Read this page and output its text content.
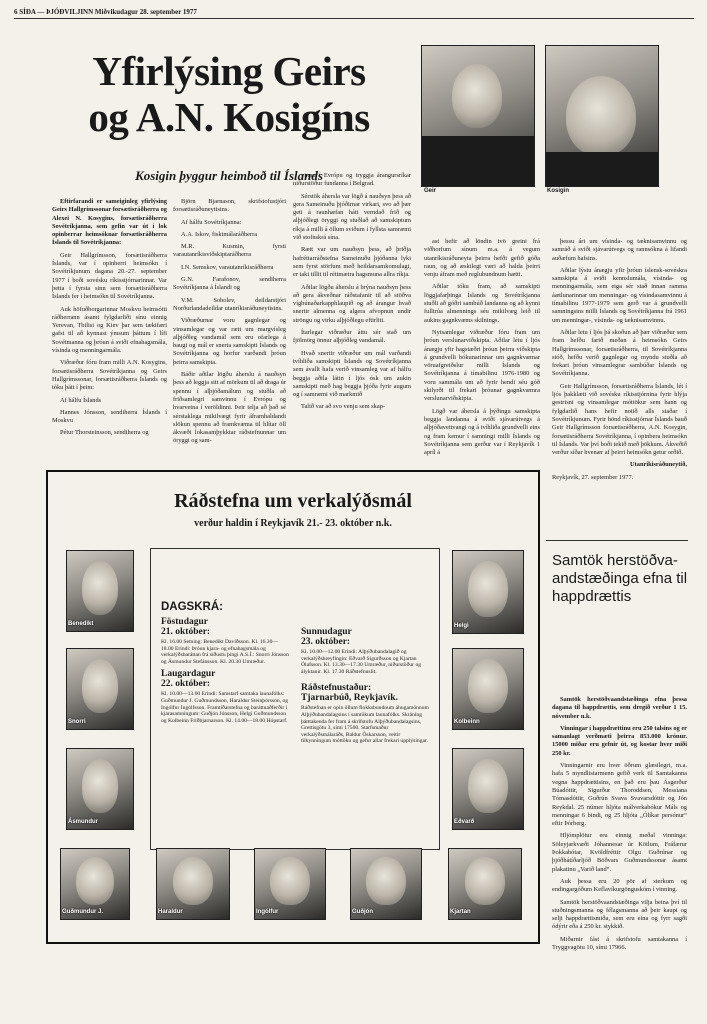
6 SÍÐA — ÞJÓÐVILJINN Miðvikudagur 28. september 1977
Yfirlýsing Geirs
og A.N. Kosigíns
Kosigin þyggur heimboð til Íslands
Geir	Kosigin

Eftirfarandi er sameiginleg yfirlýsing Geirs Hallgrímssonar forsætisráðherra og Alexei N. Kosygins, forsætisráðherra Sovétríkjanna, sem gefin var út í lok opinberrar heimsóknar forsætisráðherra Íslands til Sovétríkjanna:

Geir Hallgrímsson, forsætisráðherra Íslands, var í opinberri heimsókn í Sovétríkjunum dagana 20.-27. september 1977 í boði sovésku ríkisstjórnarinnar. Var þetta í fyrsta sinn sem forsætisráðherra Íslands fer í heimsókn til Sovétríkjanna.

Auk höfuðborgarinnar Moskvu heimsótti ráðherrann ásamt fylgdarliði sínu einnig Yerevan, Tbilisi og Kiev þar sem tækifæri gafst til að kynnast ýmsum þáttum í lífi Sovétmanna og þróun á sviði efnahagsmála, vísinda og menningarmála.

Viðræður fóru fram milli A.N. Kosygins, forsætisráðherra Sovétríkjanna og Geirs Hallgrímssonar, forsætisráðherra Íslands og tóku þátt í þeim:

Af hálfu Íslands

Hannes Jónsson, sendiherra Íslands í Moskvu

Pétur Thorsteinsson, sendiherra og

Björn Bjarnason, skrifstofustjóri forsætisráðuneytisins.

Af hálfu Sovétríkjanna:

A.A. Iskov, fiskimálaráðherra

M.R. Kusmin, fyrsti varautanríkisviðskiptaráðherra

I.N. Semskov, varautanríkisráðherra

G.N. Farafonov, sendiherra Sovétríkjanna á Íslandi og

V.M. Sobolev, deildarstjóri Norðurlandadeildar utanríkisráðuneytisins.

Viðræðurnar voru gagnlegar og vinsamlegar og var rætt um margvísleg alþjóðleg vandamál sem eru ofarlega á baugi og mál er snerta samskipti Íslands og Sovétríkjanna og horfur varðandi þróun þeirra samskipta.

Báðir aðilar lögðu áherslu á nauðsyn þess að leggja sitt af mörkum til að draga úr spennu í alþjóðamálum og stuðla að friðsamlegri samvinnu í Evrópu og hvarvetna í veröldinni. Þeir telja að það sé sérstaklega mikilvægt fyrir áframhaldandi slökun spennu að framkvæma til hlítar öll ákvæði lokasamþykktar ráðstefnunnar um öryggi og sam-

vinnu í Evrópu og tryggja árangursríkar niðurstöður fundanna í Belgrad.

Sérstök áhersla var lögð á nauðsyn þess að gera Sameinuðu þjóðirnar virkari, svo að þær geti á raunhæfan hátt verndað frið og alþjóðlegt öryggi og stuðlað að samskiptum ríkja á milli á öllum sviðum í fyllsta samræmi við stofnskrá sína.

Rætt var um nauðsyn þess, að þriðja hafréttarráðstefna Sameinuðu þjóðanna lyki sem fyrst störfum með heildarsamkomulagi, er taki tillit til réttmætra hagsmuna allra ríkja.

Aðilar lögðu áherslu á brýna nauðsyn þess að gera ákveðnar ráðstafanir til að stöðva vígbúnaðarkapphlaupið og að árangur hvað snertir almenna og algera afvopnun undir ströngu og virku alþjóðlegu eftirliti.

Ítarlegar viðræður áttu sér stað um fjölmörg önnur alþjóðleg vandamál.

Hvað snertir viðræður um mál varðandi tvíhliða samskipti Íslands og Sovétríkjanna sem ávallt hafa verið vinsamleg var af hálfu beggja aðila látin í ljós ósk um aukin samskipti með hag beggja þjóða fyrir augum og í samræmi við markmið

Talið var að svo venju sem skap-

ast hefir að löndin tvö greini frá viðhorfum sínum m.a. á vegum utanríkisráðuneyta þeirra hefði gefið góða raun, og að æskilegt væri að halda þeirri venju áfram með reglubundnum hætti.

Aðilar tóku fram, að samskipti löggjafarþinga Íslands og Sovétríkjanna stuðli að góðri sambúð landanna og að kynni fulltrúa almennings séu mikilvæg leið til aukins gagnkvæms skilnings.

Nytsamlegar viðræður fóru fram um þróun verslunarviðskipta. Aðilar létu í ljós ánægju yfir hagstæðri þróun þeirra viðskipta á grundvelli bókunarinnar um gagnkvæmar vöruafgreiðslur milli Íslands og Sovétríkjanna á tímabilinu 1976-1980 og voru sammála um að fyrir hendi séu góð skilyrði til frekari þróunar gagnkvæmra verslunarviðskipta.

Lögð var áhersla á þýðingu samskipta beggja landanna á sviði sjávarútvegs á alþjóðavettvangi og á tvíhliða grundvelli eins og fram kemur í samningi milli Íslands og Sovétríkjanna sem gerður var í Reykjavík 1 apríl á

þessu ári um vísinda- og tæknisamvinnu og samráð á sviði sjávarútvegs og rannsókna á lifandi auðæfum hafsins.

Aðilar lýstu ánægju yfir þróun íslensk-sovéskra samskipta á sviði kennslumála, vísinda- og menningarmála, sem eiga sér stað innan ramma áætlunarinnar um menningar- og vísindasamvinnu á tímabilinu 1977-1979 sem gerð var á grundvelli samningsins milli Íslands og Sovétríkjanna frá 1961 um menningar-, vísinda- og tæknisamvinnu.

Aðilar letu í ljós þá skoðun að þær viðræður sem fram hefðu farið meðan á heimsókn Geirs Hallgrímssonar, forsætisráðherra, til Sovétríkjanna stóð, hefðu verið gagnlegar og myndu stuðla að frekari þróun vinsamlegrar sambúðar Íslands og Sovétríkjanna.

Geir Hallgrímsson, forsætisráðherra Íslands, lét í ljós þakklæti við sovésku ríkisstjórnina fyrir hlýja gestrisni og vinsamlegar móttökur sem hann og fylgdarlið hans hefir notið alls staðar í Sovétríkjunum. Fyrir hönd ríkisstjórnar Íslands bauð Geir Hallgrímsson forsætisráðherra, A.N. Kosygin, forsætisráðherra Sovétríkjanna, í opinbera heimsókn til Íslands. Var því boði tekið með þökkum. Ákveðið verður síðar hvenær af þeirri heimsókn getur orðið.

Utanríkisráðuneytið,

Reykjavík, 27. september 1977.

Ráðstefna um verkalýðsmál
verður haldin í Reykjavík 21.- 23. október n.k.
DAGSKRÁ:
Föstudagur
21. október:
Kl. 16.00 Setning: Benedikt Davíðsson. Kl. 16.30—18.00 Erindi: Þróun kjara- og efnahagsmála og verkalýðsbaráttan frá síðustu þingi A.S.Í.: Snorri Jónsson og Ásmundur Stefánsson. Kl. 20.30 Umræður.
Laugardagur
22. október:
Kl. 10.00—13.00 Erindi: Samstarf samtaka launafólks: Guðmundur J. Guðmundsson, Haraldur Steinþórsson, og Ingólfur Ingólfsson. Framtíðarstefna og baráttuaðferðir í kjarasamningum: Guðjón Jónsson, Helgi Guðmundsson og Kolbeinn Friðbjarnarson. Kl. 14.00—18.00 Hópstarf.
Sunnudagur
23. október:
Kl. 10.00—12.00 Erindi: Alþýðubandalagið og verkalýðshreyfingin: Eðvarð Sigurðsson og Kjartan Ólafsson. Kl. 13.30—17.30 Umræður, niðurstöður og ályktanir. Kl. 17.30 Ráðstefnuslit.
Ráðstefnustaður:
Tjarnarbúð, Reykjavík.
Ráðstefnan er opin öllum flokksbundnum áhugamönnum Alþýðubandalagsins í samtökum launafólks. Skráning þátttakenda fer fram á skrifstofu Alþýðubandalagsins, Grettisgötu 3, sími 17500. Starfsmaður verkalýðsmálaráðs, Baldur Óskarsson, veitir tilkynningum móttöku og gefur allar frekari upplýsingar.
Benedikt
Snorri
Ásmundur
Guðmundur J.	Haraldur	Ingólfur	Guðjón	Kjartan
Helgi
Kolbeinn
Eðvarð
Samtök herstöðva-andstæðinga efna til happdrættis

Samtök herstöðvaandstæðinga efna þessa dagana til happdrættis, sem dregið verður 1 15. nóvember n.k.

Vinningar í happdrættinu eru 250 talsins og er samanlagt verðmæti þeirra 853.000 krónur. 15000 miðar eru gefnir út, og kostar hver miði 250 kr.

Vinningarnir eru hver öðrum glæsilegri, m.a. hafa 5 myndlistarmenn gefið verk til Samtakanna vegna happdrættisins, en það eru þau Ásgerður Búadóttir, Sigurður Thoroddsen, Messíana Tómasdóttir, Guðrún Svava Svavarsdóttir og Jón Reykdal. 25 númer hljóta málverkabókur Máls og menningar 6 bindi, og 25 hljóta „Ólíkar persónur“ eftir Þórberg.

Hljómplötur eru einnig meðal vinninga: Söleyjarkvæði Jóhannesar úr Kötlum, Fráfærur Þokkabótar, Kvöldfréttir Olgu Guðrúnar og þjóðhátíðarljóð Böðvars Guðmundssonar ásamt plakatinu „Varið land“.

Auk þessa eru 20 pör af sterkum og endingargóðum Keflavíkurgönguskóm í vinning.

Samtök herstöðvaandstæðinga vilja beina því til stuðningsmanna og félagsmanna að þeir kaupi og selji happdrættismiða, sem eru eina og fyrr sagði ódýrir eða á 250 kr. stykkið.

Miðarnir fást á skrifstofu samtakanna í Tryggvagötu 10, sími 17966.
